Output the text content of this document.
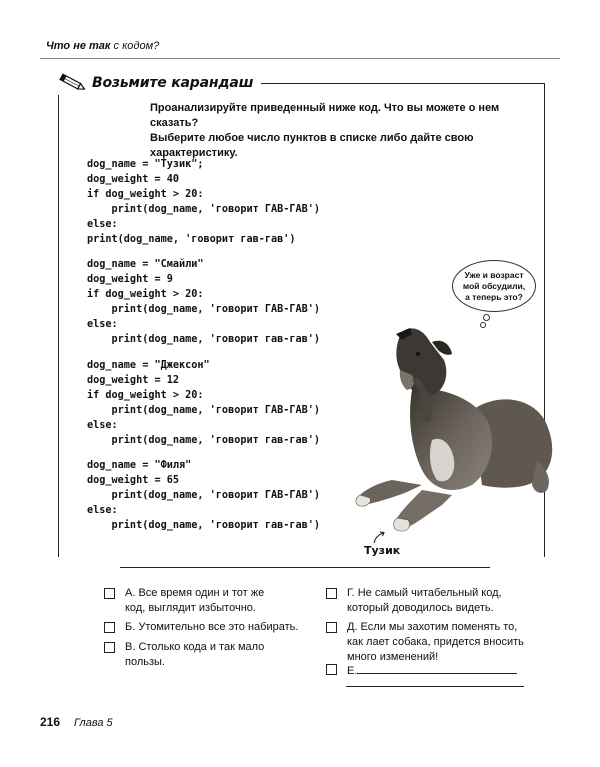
Что не так с кодом?
Возьмите карандаш
Проанализируйте приведенный ниже код. Что вы можете о нем сказать?
Выберите любое число пунктов в списке либо дайте свою характеристику.
dog_name = "Тузик";
dog_weight = 40
if dog_weight > 20:
print(dog_name, 'говорит ГАВ-ГАВ')
else:
print(dog_name, 'говорит гав-гав')
dog_name = "Смайли"
dog_weight = 9
if dog_weight > 20:
print(dog_name, 'говорит ГАВ-ГАВ')
else:
print(dog_name, 'говорит гав-гав')
dog_name = "Джексон"
dog_weight = 12
if dog_weight > 20:
print(dog_name, 'говорит ГАВ-ГАВ')
else:
print(dog_name, 'говорит гав-гав')
dog_name = "Филя"
dog_weight = 65
print(dog_name, 'говорит ГАВ-ГАВ')
else:
print(dog_name, 'говорит гав-гав')
Уже и возраст
мой обсудили,
а теперь это?
Тузик
А. Все время один и тот же
код, выглядит избыточно.
Б. Утомительно все это набирать.
В. Столько кода и так мало
пользы.
Г. Не самый читабельный код,
который доводилось видеть.
Д. Если мы захотим поменять то,
как лает собака, придется вносить
много изменений!
Е.
216 Глава 5
